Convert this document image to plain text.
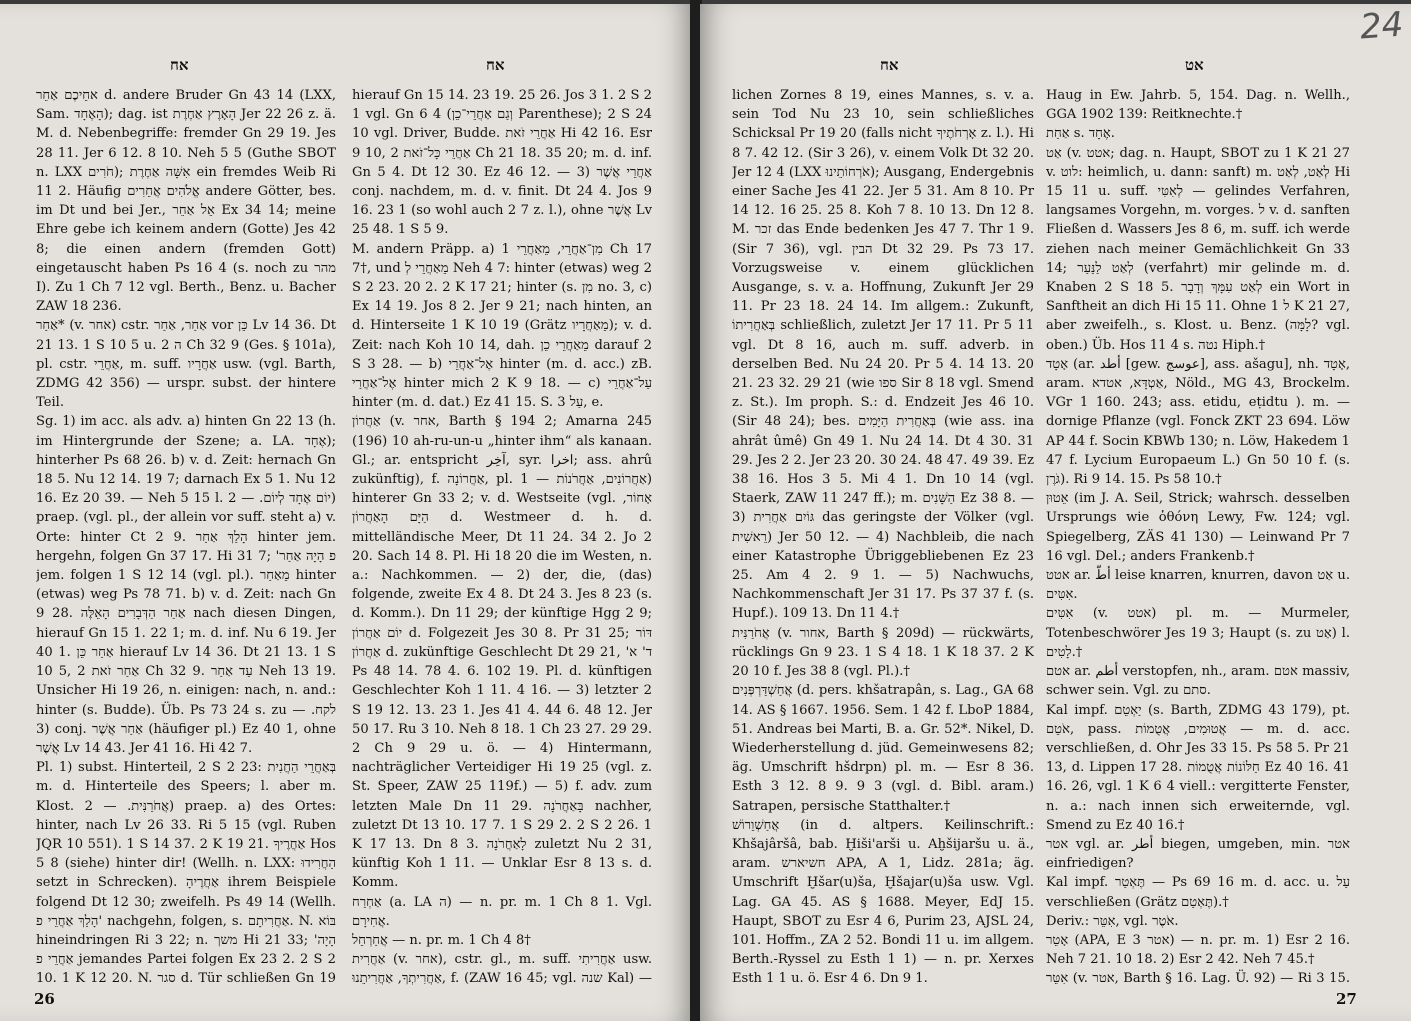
אח	אח

אחֵיכֶם אַחֵר d. andere Bruder Gn 43 14 (LXX, Sam. הָאֶחָד); dag. ist הָאָרֶץ אַחֶרֶת Jer 22 26 z. ä. M. d. Nebenbegriffe: fremder Gn 29 19. Jes 28 11. Jer 6 12. 8 10. Neh 5 5 (Guthe SBOT n. LXX חֹרִים); אִשָּׁה אַחֶרֶת ein fremdes Weib Ri 11 2. Häufig אֱלֹהִים אֲחֵרִים andere Götter, bes. im Dt und bei Jer., אֵל אַחֵר Ex 34 14; meine Ehre gebe ich keinem andern (Gotte) Jes 42 8; die einen andern (fremden Gott) eingetauscht haben Ps 16 4 (s. noch zu מהר I). Zu 1 Ch 7 12 vgl. Berth., Benz. u. Bacher ZAW 18 236.

אַחַר* (v. אחר) cstr. אַחַר, אַחַר vor כֵּן Lv 14 36. Dt 21 13. 1 S 10 5 u. ה 2 Ch 32 9 (Ges. § 101a), pl. cstr. אַחֲרֵי, m. suff. אַחֲרָיו usw. (vgl. Barth, ZDMG 42 356) — urspr. subst. der hintere Teil.

Sg. 1) im acc. als adv. a) hinten Gn 22 13 (h. im Hintergrunde der Szene; a. LA. אֶחָד); hinterher Ps 68 26. b) v. d. Zeit: hernach Gn 18 5. Nu 12 14. 19 7; darnach Ex 5 1. Nu 12 16. Ez 20 39. — Neh 5 15 l. יוֹם אֶחָד לְיוֹם. — 2) praep. (vgl. pl., der allein vor suff. steht a) v. Orte: hinter Ct 2 9. הָלַךְ אַחַר hinter jem. hergehn, folgen Gn 37 17. Hi 31 7; 'פ הָיָה אַחַר jem. folgen 1 S 12 14 (vgl. pl.). מֵאַחַר hinter (etwas) weg Ps 78 71. b) v. d. Zeit: nach Gn 9 28. אַחַר הַדְּבָרִים הָאֵלֶּה nach diesen Dingen, hierauf Gn 15 1. 22 1; m. d. inf. Nu 6 19. Jer 40 1. אַחַר כֵּן hierauf Lv 14 36. Dt 21 13. 1 S 10 5, אַחַר זֹאת 2 Ch 32 9. עַד אַחַר Neh 13 19. Unsicher Hi 19 26, n. einigen: nach, n. and.: hinter (s. Budde). Üb. Ps 73 24 s. zu לקח. — 3) conj. אַחַר אֲשֶׁר (häufiger pl.) Ez 40 1, ohne אֲשֶׁר Lv 14 43. Jer 41 16. Hi 42 7.

Pl. 1) subst. Hinterteil, 2 S 2 23: בְּאַחֲרֵי הַחֲנִית m. d. Hinterteile des Speers; l. aber m. Klost. אֲחֹרַנִּית. — 2) praep. a) des Ortes: hinter, nach Lv 26 33. Ri 5 15 (vgl. Ruben JQR 10 551). 1 S 14 37. 2 K 19 21. אַחֲרֶיךָ Hos 5 8 (siehe) hinter dir! (Wellh. n. LXX: הַחֲרִידוּ setzt in Schrecken). אַחֲרֶיהָ ihrem Beispiele folgend Dt 12 30; zweifelh. Ps 49 14 (Wellh. הָלַךְ אַחֲרֵי פ' nachgehn, folgen, s. אַחֲרִיתָם. N. בּוֹא hineindringen Ri 3 22; n. משך Hi 21 33; 'הָיָה אַחֲרֵי פ jemandes Partei folgen Ex 23 2. 2 S 2 10. 1 K 12 20. N. סגר d. Tür schließen Gn 19

hierauf Gn 15 14. 23 19. 25 26. Jos 3 1. 2 S 2 1 vgl. Gn 6 4 (וְגַם אַחֲרֵי־כֵן Parenthese); 2 S 24 10 vgl. Driver, Budde. אַחֲרֵי זֹאת Hi 42 16. Esr 9 10, אַחֲרֵי כָּל־זֹאת 2 Ch 21 18. 35 20; m. d. inf. Gn 5 4. Dt 12 30. Ez 46 12. — 3) אַחֲרֵי אֲשֶׁר conj. nachdem, m. d. v. finit. Dt 24 4. Jos 9 16. 23 1 (so wohl auch 2 7 z. l.), ohne אֲשֶׁר Lv 25 48. 1 S 5 9.

M. andern Präpp. a) מִן־אַחֲרֵי, מֵאַחֲרֵי 1 Ch 17 7†, und מֵאַחֲרֵי לְ Neh 4 7: hinter (etwas) weg 2 S 2 23. 20 2. 2 K 17 21; hinter (s. מִן no. 3, c) Ex 14 19. Jos 8 2. Jer 9 21; nach hinten, an d. Hinterseite 1 K 10 19 (Grätz מֵאַחֲרָיו); v. d. Zeit: nach Koh 10 14, dah. מֵאַחֲרֵי כֵן darauf 2 S 3 28. — b) אֶל־אַחֲרֵי hinter (m. d. acc.) zB. אֶל־אַחֲרַי hinter mich 2 K 9 18. — c) עַל־אַחֲרֵי hinter (m. d. dat.) Ez 41 15. S. עַל 3, e.

אַחֲרוֹן (v. אחר, Barth § 194 2; Amarna 245 (196) 10 ah-ru-un-u „hinter ihm“ als kanaan. Gl.; ar. entspricht آخِر, syr. اخرا; ass. ahrû zukünftig), f. אַחֲרוֹנָה, pl. אַחֲרוֹנִים, אַחֲרֹנוֹת — 1) hinterer Gn 33 2; v. d. Westseite (vgl. אָחוֹר, הַיָּם הָאַחֲרוֹן d. Westmeer d. h. d. mittelländische Meer, Dt 11 24. 34 2. Jo 2 20. Sach 14 8. Pl. Hi 18 20 die im Westen, n. a.: Nachkommen. — 2) der, die, (das) folgende, zweite Ex 4 8. Dt 24 3. Jes 8 23 (s. d. Komm.). Dn 11 29; der künftige Hgg 2 9; יוֹם אַחֲרוֹן d. Folgezeit Jes 30 8. Pr 31 25; דּוֹר אַחֲרוֹן d. zukünftige Geschlecht Dt 29 21, 'ד' א Ps 48 14. 78 4. 6. 102 19. Pl. d. künftigen Geschlechter Koh 1 11. 4 16. — 3) letzter 2 S 19 12. 13. 23 1. Jes 41 4. 44 6. 48 12. Jer 50 17. Ru 3 10. Neh 8 18. 1 Ch 23 27. 29 29. 2 Ch 9 29 u. ö. — 4) Hintermann, nachträglicher Verteidiger Hi 19 25 (vgl. z. St. Speer, ZAW 25 119f.) — 5) f. adv. zum letzten Male Dn 11 29. בָּאַחֲרֹנָה nachher, zuletzt Dt 13 10. 17 7. 1 S 29 2. 2 S 2 26. 1 K 17 13. Dn 8 3. לָאַחֲרֹנָה zuletzt Nu 2 31, künftig Koh 1 11. — Unklar Esr 8 13 s. d. Komm.

אַחְרַח (a. LA ה) — n. pr. m. 1 Ch 8 1. Vgl. אֲחִירָם.

אֲחַרְחֵל — n. pr. m. 1 Ch 4 8†

אַחֲרִית (v. אחר), cstr. gl., m. suff. אַחֲרִיתִי usw. אַחֲרִיתְךָ, אַחֲרִיתֵנוּ, f. (ZAW 16 45; vgl. שנה Kal) —

26
24
אח	אט

lichen Zornes 8 19, eines Mannes, s. v. a. sein Tod Nu 23 10, sein schließliches Schicksal Pr 19 20 (falls nicht אָרְחֹתֶיךָ z. l.). Hi 8 7. 42 12. (Sir 3 26), v. einem Volk Dt 32 20. Jer 12 4 (LXX אֹרְחוֹתֵינוּ); Ausgang, Endergebnis einer Sache Jes 41 22. Jer 5 31. Am 8 10. Pr 14 12. 16 25. 25 8. Koh 7 8. 10 13. Dn 12 8. M. זכר das Ende bedenken Jes 47 7. Thr 1 9. (Sir 7 36), vgl. הבין Dt 32 29. Ps 73 17. Vorzugsweise v. einem glücklichen Ausgange, s. v. a. Hoffnung, Zukunft Jer 29 11. Pr 23 18. 24 14. Im allgem.: Zukunft, בְּאַחֲרִיתוֹ schließlich, zuletzt Jer 17 11. Pr 5 11 vgl. Dt 8 16, auch m. suff. adverb. in derselben Bed. Nu 24 20. Pr 5 4. 14 13. 20 21. 23 32. 29 21 (wie ספו Sir 8 18 vgl. Smend z. St.). Im proph. S.: d. Endzeit Jes 46 10. (Sir 48 24); bes. בְּאַחֲרִית הַיָּמִים (wie ass. ina ahrât ûmê) Gn 49 1. Nu 24 14. Dt 4 30. 31 29. Jes 2 2. Jer 23 20. 30 24. 48 47. 49 39. Ez 38 16. Hos 3 5. Mi 4 1. Dn 10 14 (vgl. Staerk, ZAW 11 247 ff.); m. הַשָּׁנִים Ez 38 8. — 3) גּוֹיִם אַחֲרִית das geringste der Völker (vgl. רֵאשִׁית) Jer 50 12. — 4) Nachbleib, die nach einer Katastrophe Übriggebliebenen Ez 23 25. Am 4 2. 9 1. — 5) Nachwuchs, Nachkommenschaft Jer 31 17. Ps 37 37 f. (s. Hupf.). 109 13. Dn 11 4.†

אֲחֹרַנִּית (v. אחור, Barth § 209d) — rückwärts, rücklings Gn 9 23. 1 S 4 18. 1 K 18 37. 2 K 20 10 f. Jes 38 8 (vgl. Pl.).†

אֲחַשְׁדַּרְפְּנִים (d. pers. khšatrapân, s. Lag., GA 68 14. AS § 1667. 1956. Sem. 1 42 f. LboP 1884, 51. Andreas bei Marti, B. a. Gr. 52*. Nikel, D. Wiederherstellung d. jüd. Gemeinwesens 82; äg. Umschrift hšdrpn) pl. m. — Esr 8 36. Esth 3 12. 8 9. 9 3 (vgl. d. Bibl. aram.) Satrapen, persische Statthalter.†

אֲחַשְׁוֵרוֹשׁ (in d. altpers. Keilinschrift.: Khšajâršâ, bab. Ḫiši'arši u. Aḫšijaršu u. ä., aram. חשיארש APA, A 1, Lidz. 281a; äg. Umschrift Ḫšar(u)ša, Ḫšajar(u)ša usw. Vgl. Lag. GA 45. AS § 1688. Meyer, EdJ 15. Haupt, SBOT zu Esr 4 6, Purim 23, AJSL 24, 101. Hoffm., ZA 2 52. Bondi 11 u. im allgem. Berth.-Ryssel zu Esth 1 1) — n. pr. Xerxes Esth 1 1 u. ö. Esr 4 6. Dn 9 1.

Haug in Ew. Jahrb. 5, 154. Dag. n. Wellh., GGA 1902 139: Reitknechte.†

אַחַת s. אֶחָד.

אַט (v. אטט; dag. n. Haupt, SBOT zu 1 K 21 27 v. לוט: heimlich, u. dann: sanft) m. לְאַט, לְאַט Hi 15 11 u. suff. לְאִטִּי — gelindes Verfahren, langsames Vorgehn, m. vorges. ל v. d. sanften Fließen d. Wassers Jes 8 6, m. suff. ich werde ziehen nach meiner Gemächlichkeit Gn 33 14; לְאַט לַנַּעַר (verfahrt) mir gelinde m. d. Knaben 2 S 18 5. לְאַט עִמָּךְ וְדָבָר ein Wort in Sanftheit an dich Hi 15 11. Ohne ל 1 K 21 27, aber zweifelh., s. Klost. u. Benz. (לָמָּה? vgl. oben.) Üb. Hos 11 4 s. נטה Hiph.†

אָטָד (ar. أطد [gew. عوسج], ass. ašagu], nh. אָטָד, aram. אַטְדָּא, אטדא, Nöld., MG 43, Brockelm. VGr 1 160. 243; ass. etidu, eṭidtu ). m. — dornige Pflanze (vgl. Fonck ZKT 23 694. Löw AP 44 f. Socin KBWb 130; n. Löw, Hakedem 1 47 f. Lycium Europaeum L.) Gn 50 10 f. (s. גֹּרֶן). Ri 9 14. 15. Ps 58 10.†

אֵטוּן (im J. A. Seil, Strick; wahrsch. desselben Ursprungs wie ὀθόνη Lewy, Fw. 124; vgl. Spiegelberg, ZÄS 41 130) — Leinwand Pr 7 16 vgl. Del.; anders Frankenb.†

אטט ar. أطّ leise knarren, knurren, davon אַט u. אִטִּים.

אִטִּים (v. אטט) pl. m. — Murmeler, Totenbeschwörer Jes 19 3; Haupt (s. zu אַט) l. לָטִים.†

אטם ar. أطم verstopfen, nh., aram. אטם massiv, schwer sein. Vgl. zu סתם.

Kal impf. יַאְטֵם (s. Barth, ZDMG 43 179), pt. אֹטֵם, pass. אֲטוּמִים, אֲטֻמוֹת — m. d. acc. verschließen, d. Ohr Jes 33 15. Ps 58 5. Pr 21 13, d. Lippen 17 28. חַלּוֹנוֹת אֲטֻמוֹת Ez 40 16. 41 16. 26, vgl. 1 K 6 4 viell.: vergitterte Fenster, n. a.: nach innen sich erweiternde, vgl. Smend zu Ez 40 16.†

אטר vgl. ar. أطر biegen, umgeben, min. אטר einfriedigen?

Kal impf. תֶּאְטַר — Ps 69 16 m. d. acc. u. עַל verschließen (Grätz תֶּאְטַם).†

Deriv.: אִטֵּר, vgl. אֹטֶר.

אָטֵר (APA, E 3 אטר) — n. pr. m. 1) Esr 2 16. Neh 7 21. 10 18. 2) Esr 2 42. Neh 7 45.†

אִטֵּר (v. אטר, Barth § 16. Lag. Ü. 92) — Ri 3 15.

27
